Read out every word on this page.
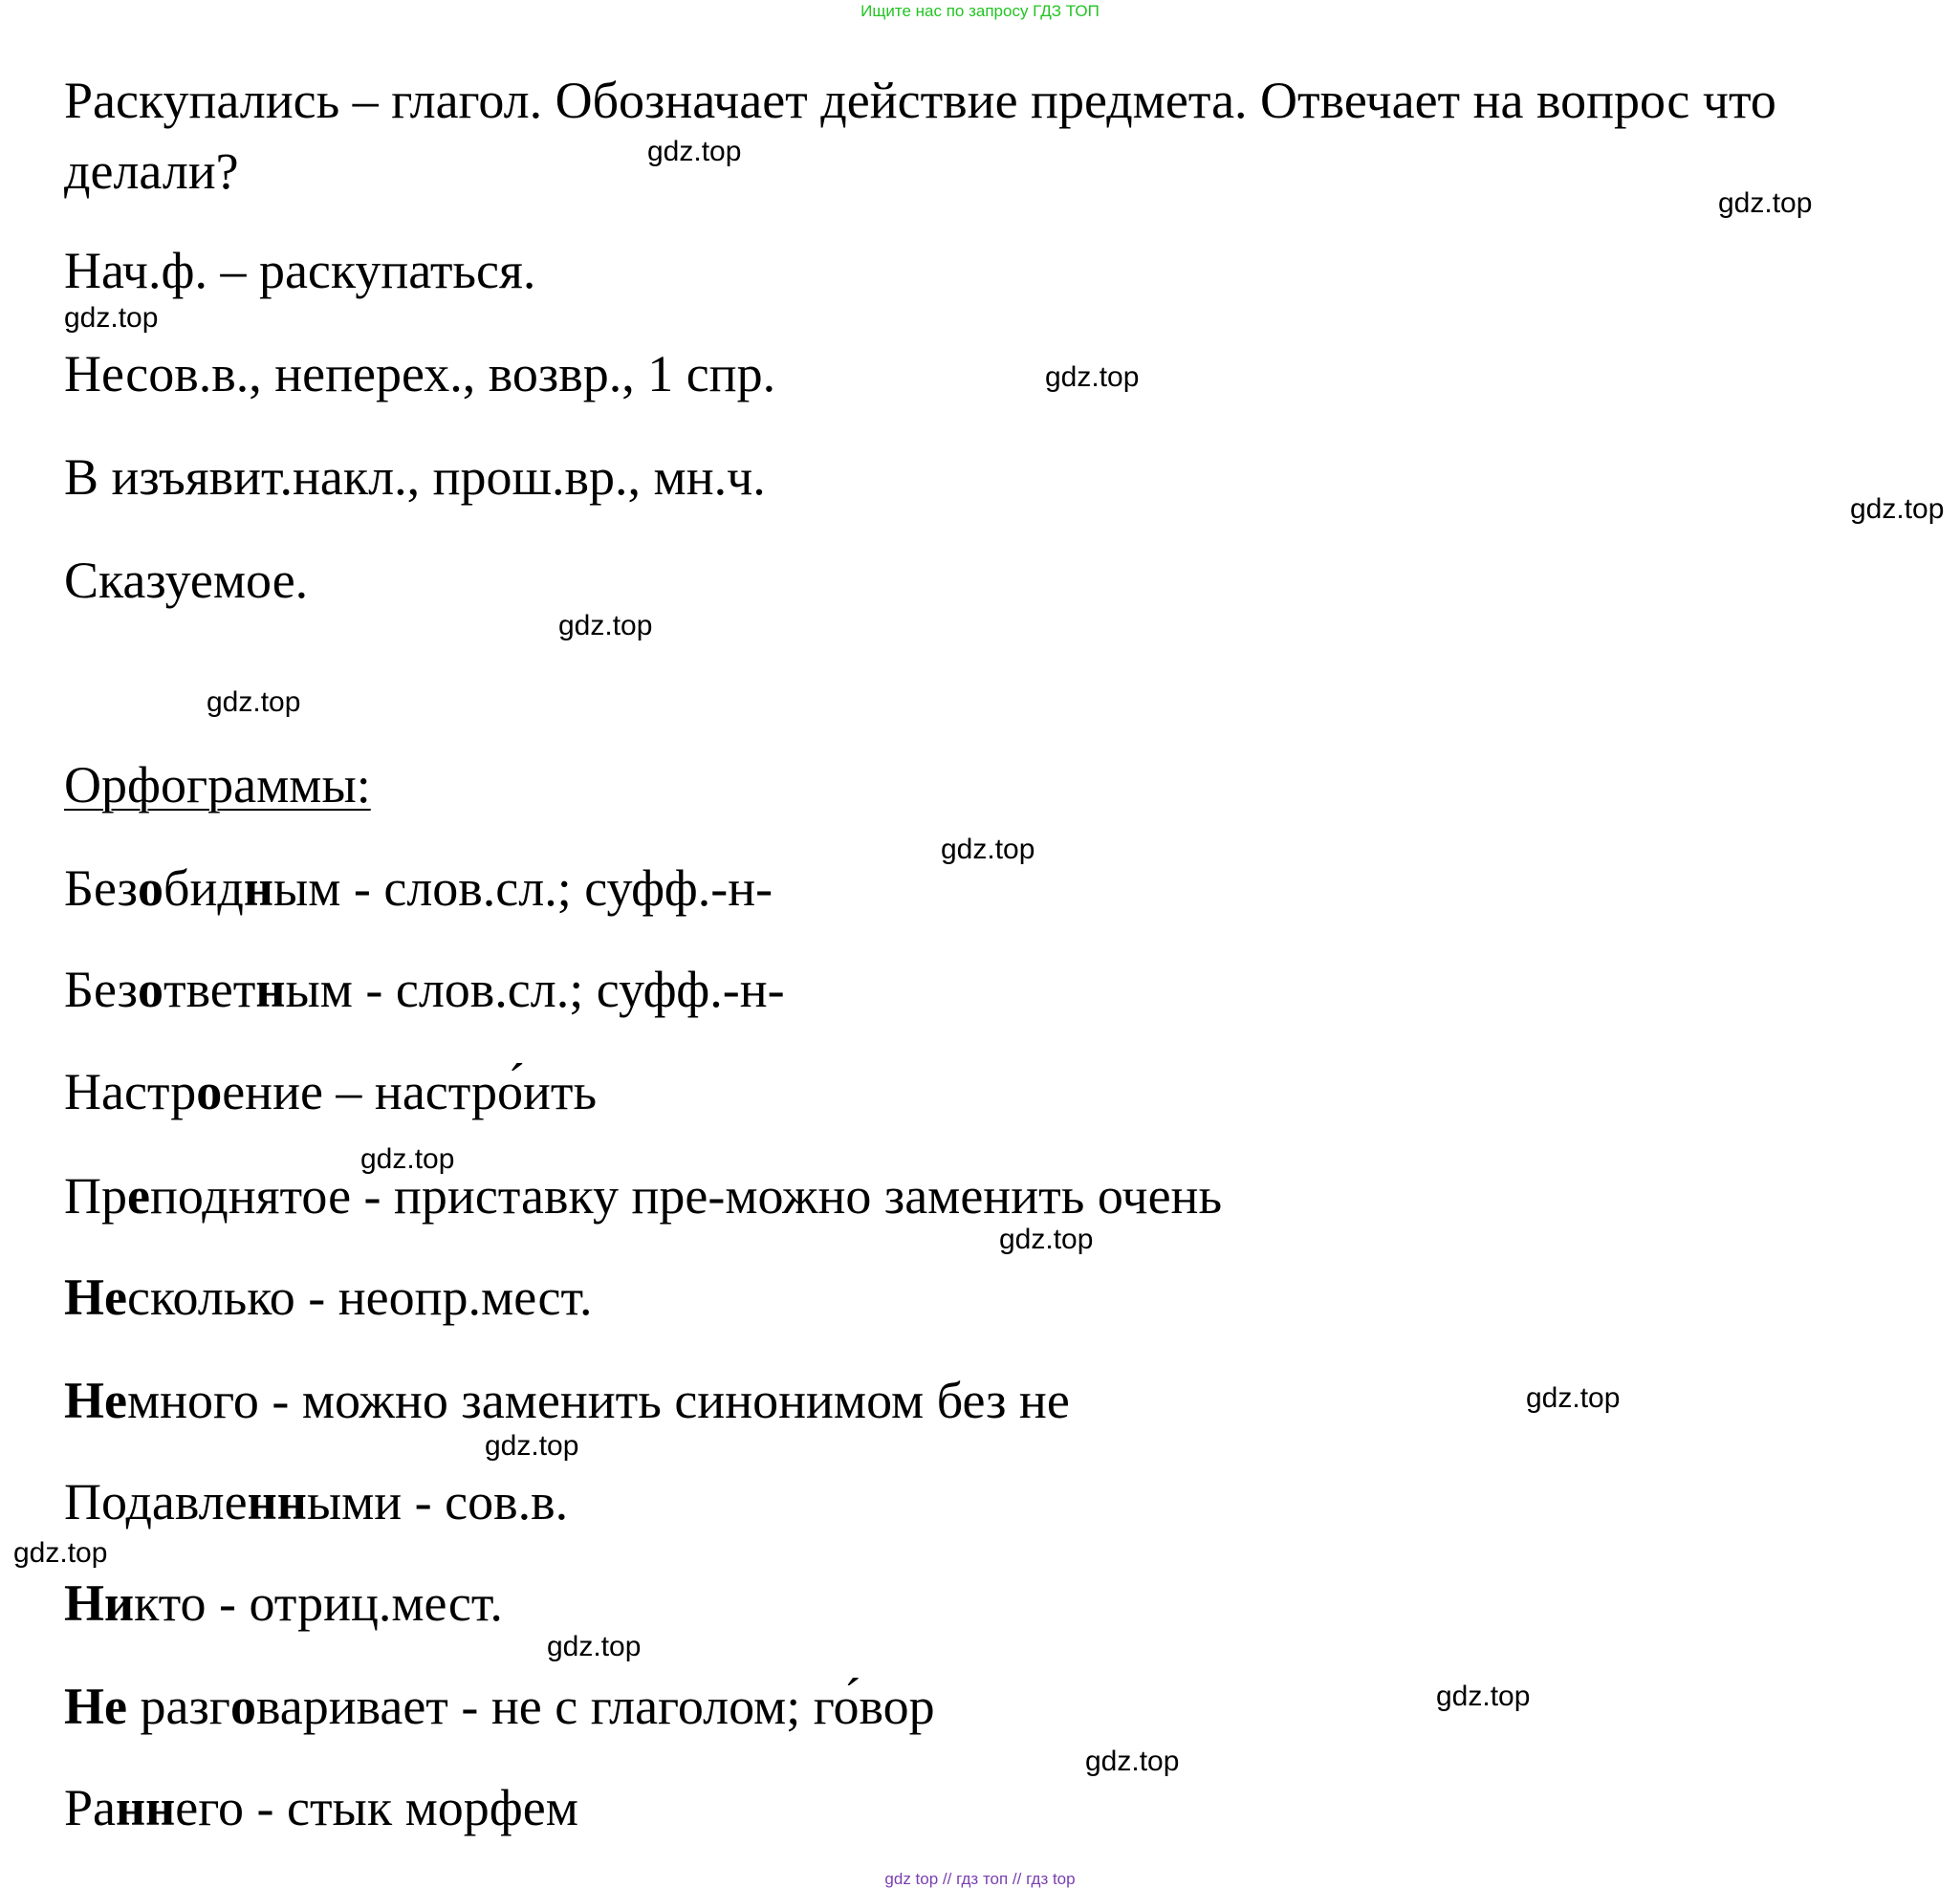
Ищите нас по запросу ГДЗ ТОП
Раскупались – глагол. Обозначает действие предмета. Отвечает на вопрос что
делали?
Нач.ф. – раскупаться.
Несов.в., неперех., возвр., 1 спр.
В изъявит.накл., прош.вр., мн.ч.
Сказуемое.
Орфограммы:
Безобидным - слов.сл.; суфф.-н-
Безответным - слов.сл.; суфф.-н-
Настроение – настро́ить
Преподнятое - приставку пре-можно заменить очень
Несколько - неопр.мест.
Немного - можно заменить синонимом без не
Подавленными - сов.в.
Никто - отриц.мест.
Не разговаривает - не с глаголом; го́вор
Раннего - стык морфем
gdz.top
gdz.top
gdz.top
gdz.top
gdz.top
gdz.top
gdz.top
gdz.top
gdz.top
gdz.top
gdz.top
gdz.top
gdz.top
gdz.top
gdz.top
gdz.top
gdz top // гдз топ // гдз top
